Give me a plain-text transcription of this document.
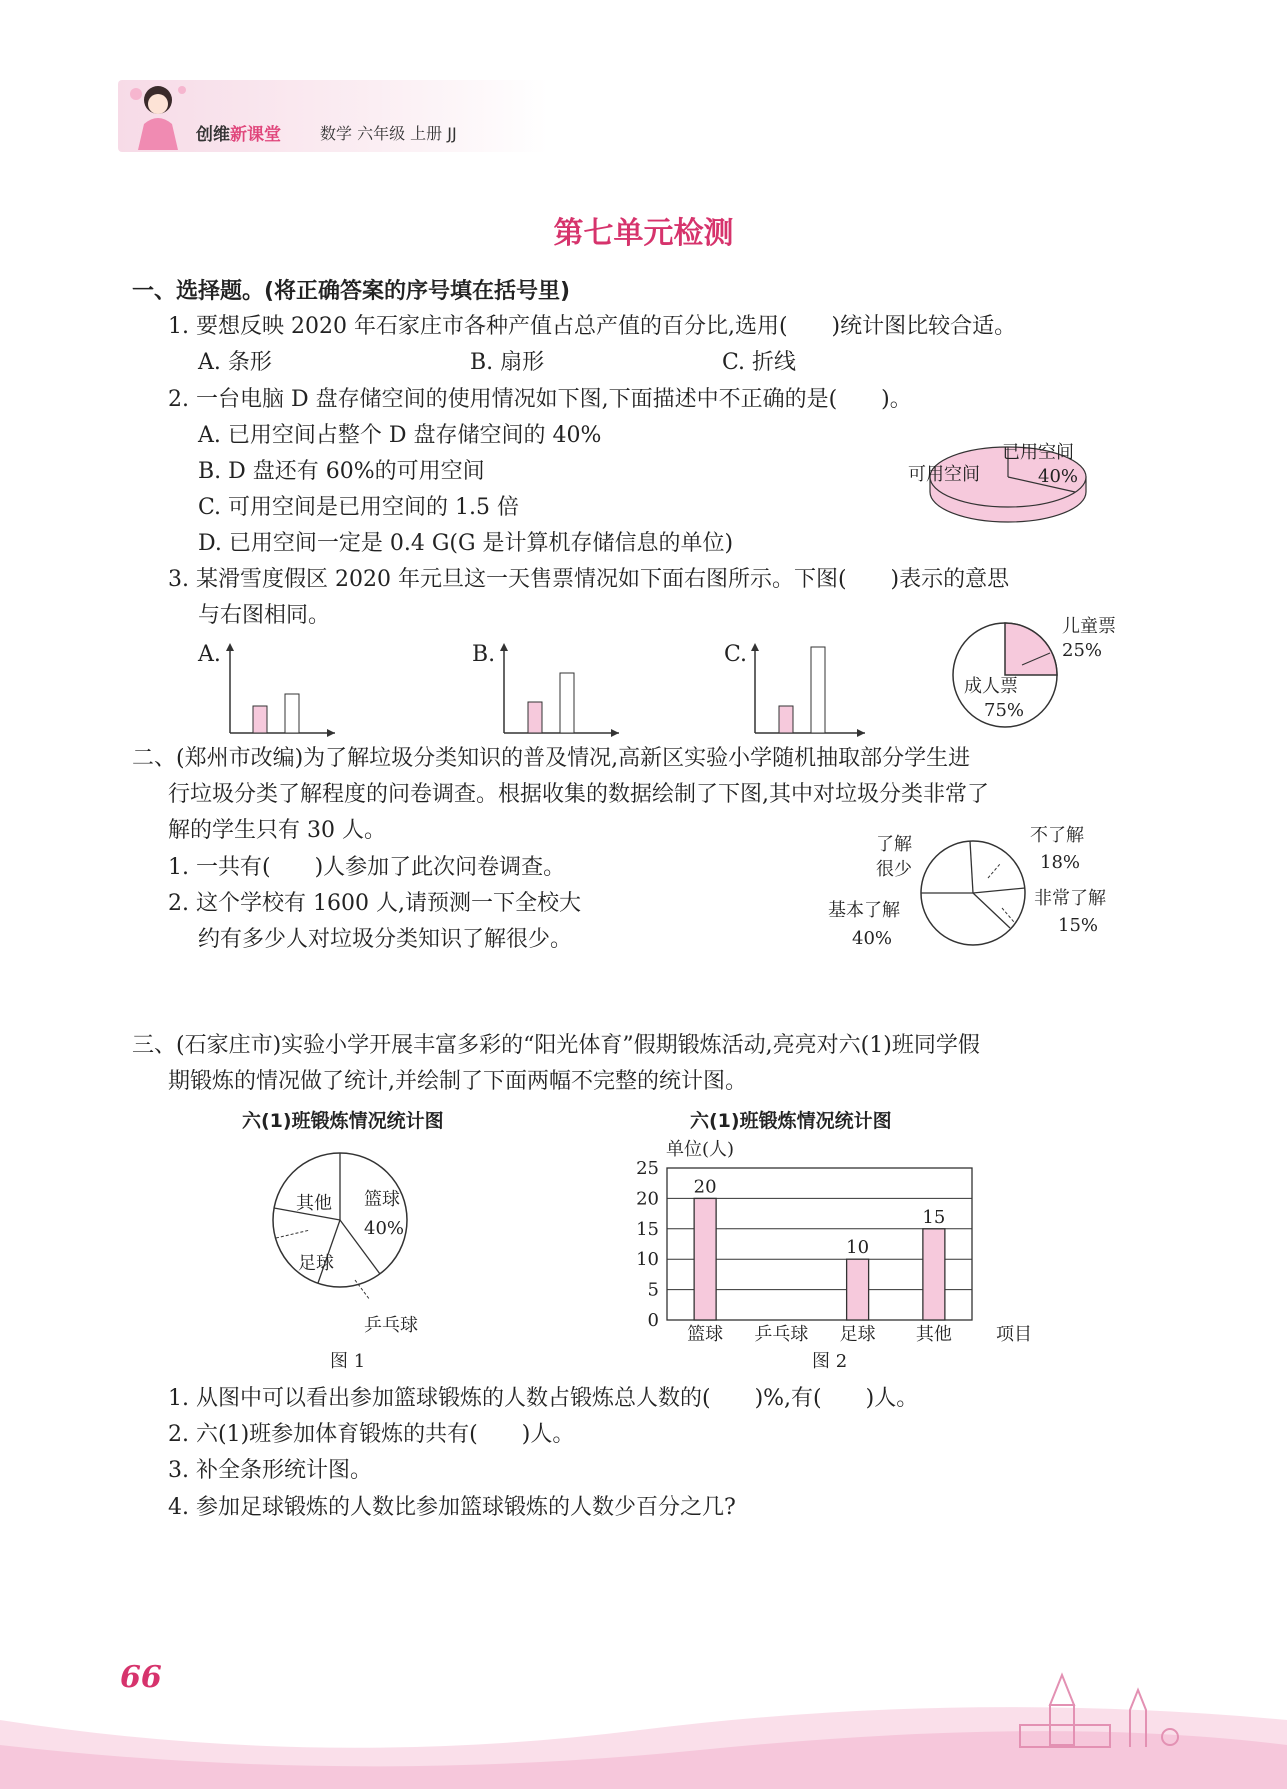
创维新课堂 数学 六年级 上册 JJ
第七单元检测
一、选择题。(将正确答案的序号填在括号里)
1. 要想反映 2020 年石家庄市各种产值占总产值的百分比,选用(　　)统计图比较合适。
A. 条形	B. 扇形	C. 折线
2. 一台电脑 D 盘存储空间的使用情况如下图,下面描述中不正确的是(　　)。
A. 已用空间占整个 D 盘存储空间的 40%
B. D 盘还有 60%的可用空间
C. 可用空间是已用空间的 1.5 倍
D. 已用空间一定是 0.4 G(G 是计算机存储信息的单位)
可用空间
已用空间
40%
3. 某滑雪度假区 2020 年元旦这一天售票情况如下面右图所示。下图(　　)表示的意思
与右图相同。
A.	B.	C.
儿童票
25%
成人票
75%
二、(郑州市改编)为了解垃圾分类知识的普及情况,高新区实验小学随机抽取部分学生进
行垃圾分类了解程度的问卷调查。根据收集的数据绘制了下图,其中对垃圾分类非常了
解的学生只有 30 人。
1. 一共有(　　)人参加了此次问卷调查。
2. 这个学校有 1600 人,请预测一下全校大
约有多少人对垃圾分类知识了解很少。
了解
很少
不了解
18%
非常了解
15%
基本了解
40%
三、(石家庄市)实验小学开展丰富多彩的“阳光体育”假期锻炼活动,亮亮对六(1)班同学假
期锻炼的情况做了统计,并绘制了下面两幅不完整的统计图。
六(1)班锻炼情况统计图	六(1)班锻炼情况统计图
其他 篮球
40%
足球
乒乓球
图 1
单位(人)
0
5
10
15
20
25
篮球
20
乒乓球 足球
10
其他
15
项目
图 2
1. 从图中可以看出参加篮球锻炼的人数占锻炼总人数的(　　)%,有(　　)人。
2. 六(1)班参加体育锻炼的共有(　　)人。
3. 补全条形统计图。
4. 参加足球锻炼的人数比参加篮球锻炼的人数少百分之几?
66
